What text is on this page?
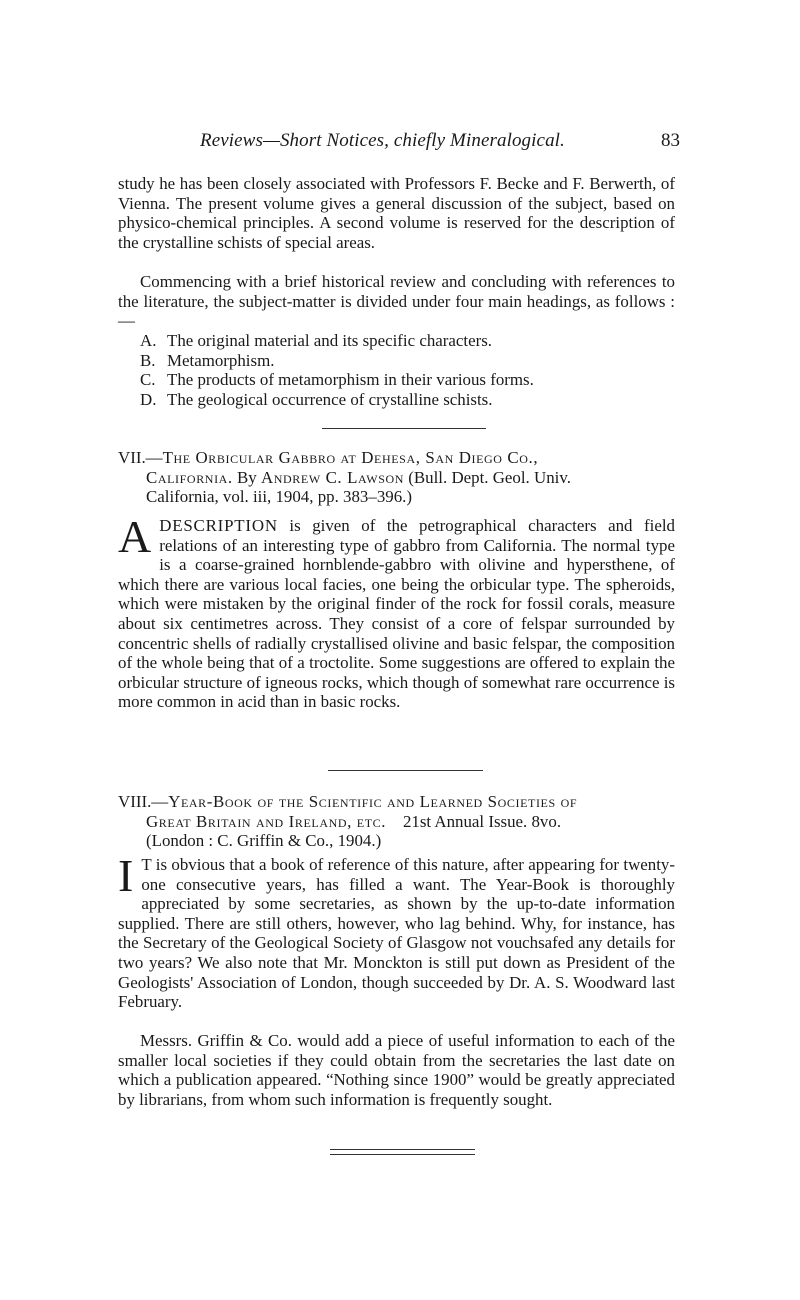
Reviews—Short Notices, chiefly Mineralogical.	83

study he has been closely associated with Professors F. Becke and F. Berwerth, of Vienna. The present volume gives a general discussion of the subject, based on physico-chemical principles. A second volume is reserved for the description of the crystalline schists of special areas.

Commencing with a brief historical review and concluding with references to the literature, the subject-matter is divided under four main headings, as follows :—

A. The original material and its specific characters.

B. Metamorphism.

C. The products of metamorphism in their various forms.

D. The geological occurrence of crystalline schists.

VII.—The Orbicular Gabbro at Dehesa, San Diego Co.,
California. By Andrew C. Lawson (Bull. Dept. Geol. Univ.
California, vol. iii, 1904, pp. 383–396.)
ADESCRIPTION is given of the petrographical characters and field relations of an interesting type of gabbro from California. The normal type is a coarse-grained hornblende-gabbro with olivine and hypersthene, of which there are various local facies, one being the orbicular type. The spheroids, which were mistaken by the original finder of the rock for fossil corals, measure about six centimetres across. They consist of a core of felspar surrounded by concentric shells of radially crystallised olivine and basic felspar, the composition of the whole being that of a troctolite. Some suggestions are offered to explain the orbicular structure of igneous rocks, which though of somewhat rare occurrence is more common in acid than in basic rocks.
VIII.—Year-Book of the Scientific and Learned Societies of
Great Britain and Ireland, etc. 21st Annual Issue. 8vo.
(London : C. Griffin & Co., 1904.)
I T is obvious that a book of reference of this nature, after appearing for twenty-one consecutive years, has filled a want. The Year-Book is thoroughly appreciated by some secretaries, as shown by the up-to-date information supplied. There are still others, however, who lag behind. Why, for instance, has the Secretary of the Geological Society of Glasgow not vouchsafed any details for two years? We also note that Mr. Monckton is still put down as President of the Geologists' Association of London, though succeeded by Dr. A. S. Woodward last February.

Messrs. Griffin & Co. would add a piece of useful information to each of the smaller local societies if they could obtain from the secretaries the last date on which a publication appeared. “Nothing since 1900” would be greatly appreciated by librarians, from whom such information is frequently sought.
